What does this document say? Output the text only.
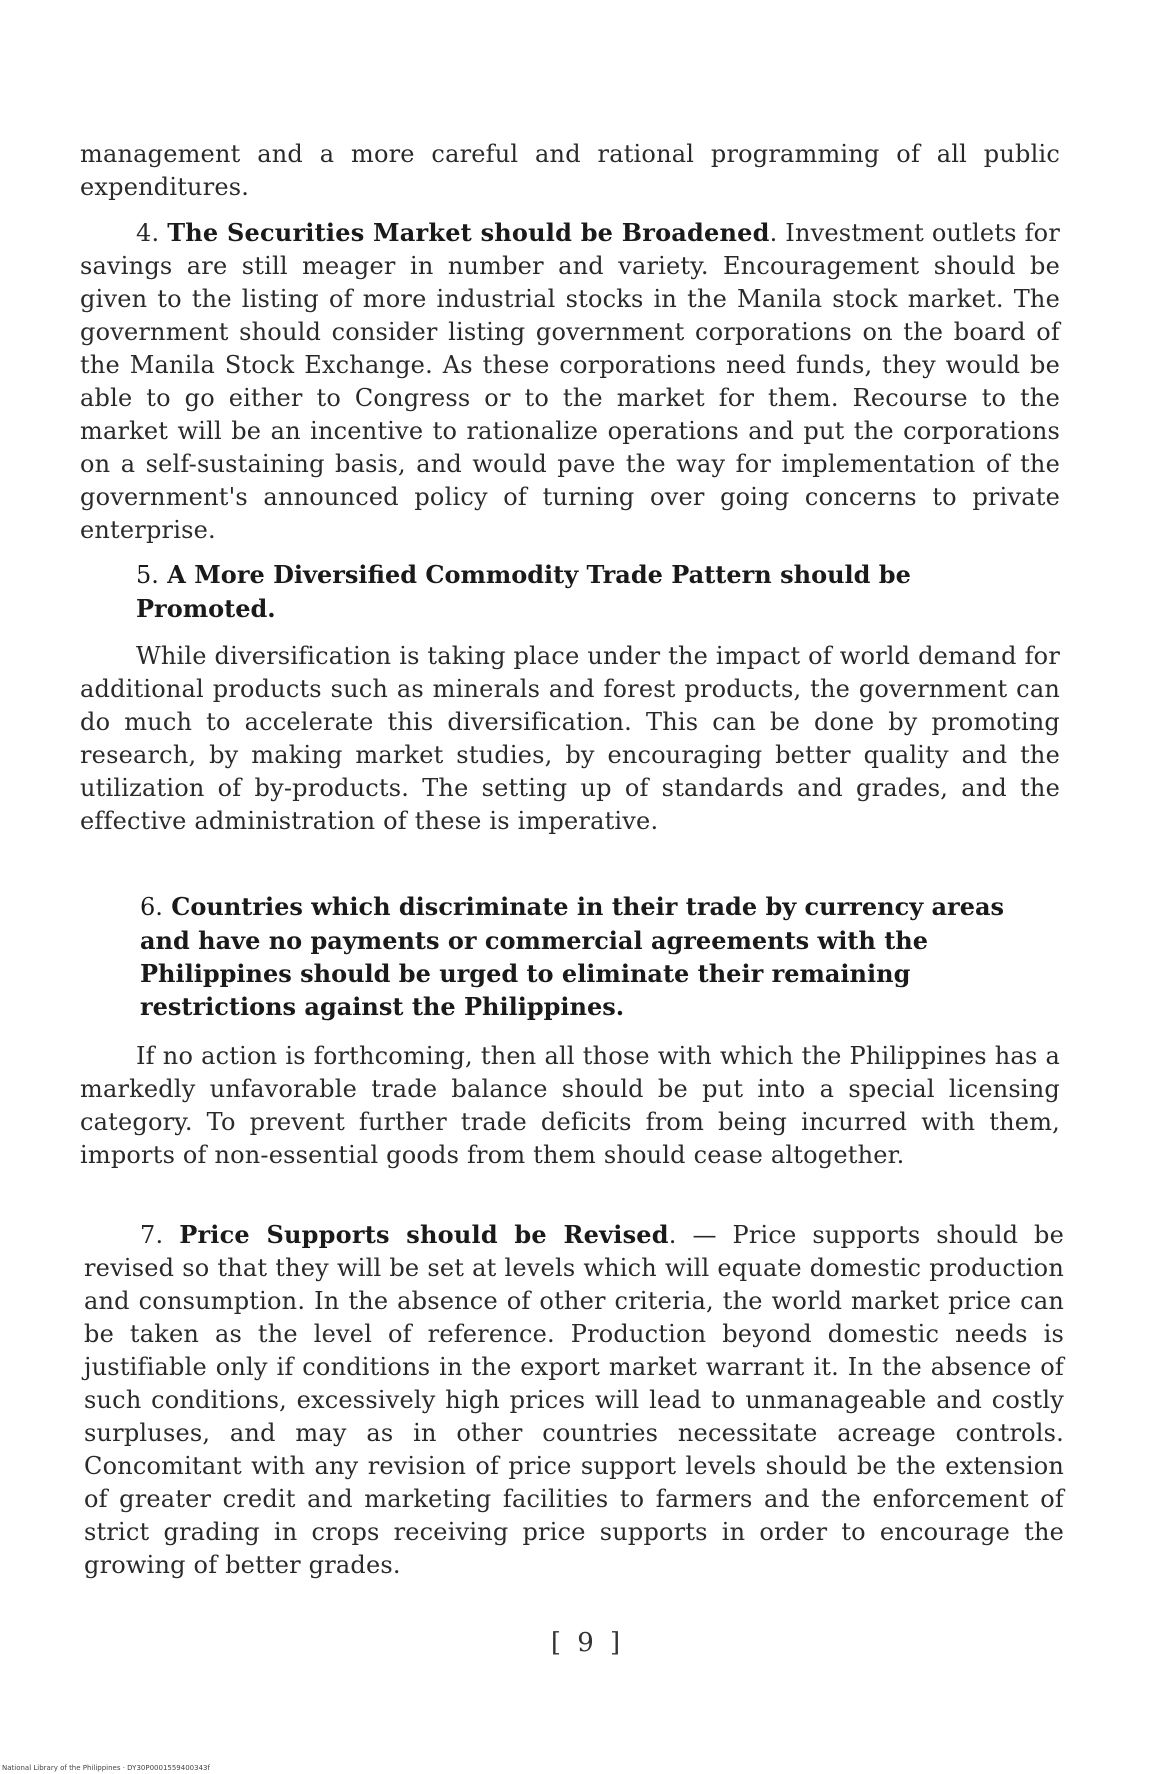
management and a more careful and rational programming of all public expenditures.

4. The Securities Market should be Broadened. Investment outlets for savings are still meager in number and variety. Encouragement should be given to the listing of more industrial stocks in the Manila stock market. The government should consider listing government corporations on the board of the Manila Stock Exchange. As these corporations need funds, they would be able to go either to Congress or to the market for them. Recourse to the market will be an incentive to rationalize operations and put the corporations on a self-sustaining basis, and would pave the way for implementation of the government's announced policy of turning over going concerns to private enterprise.

5. A More Diversified Commodity Trade Pattern should be Promoted.

While diversification is taking place under the impact of world demand for additional products such as minerals and forest products, the government can do much to accelerate this diversification. This can be done by promoting research, by making market studies, by encouraging better quality and the utilization of by-products. The setting up of standards and grades, and the effective administration of these is imperative.

6. Countries which discriminate in their trade by currency areas and have no payments or commercial agreements with the Philippines should be urged to eliminate their remaining restrictions against the Philippines.

If no action is forthcoming, then all those with which the Philippines has a markedly unfavorable trade balance should be put into a special licensing category. To prevent further trade deficits from being incurred with them, imports of non-essential goods from them should cease altogether.

7. Price Supports should be Revised. — Price supports should be revised so that they will be set at levels which will equate domestic production and consumption. In the absence of other criteria, the world market price can be taken as the level of reference. Production beyond domestic needs is justifiable only if conditions in the export market warrant it. In the absence of such conditions, excessively high prices will lead to unmanageable and costly surpluses, and may as in other countries necessitate acreage controls. Concomitant with any revision of price support levels should be the extension of greater credit and marketing facilities to farmers and the enforcement of strict grading in crops receiving price supports in order to encourage the growing of better grades.

[ 9 ]
National Library of the Philippines · DY30P0001559400343f
